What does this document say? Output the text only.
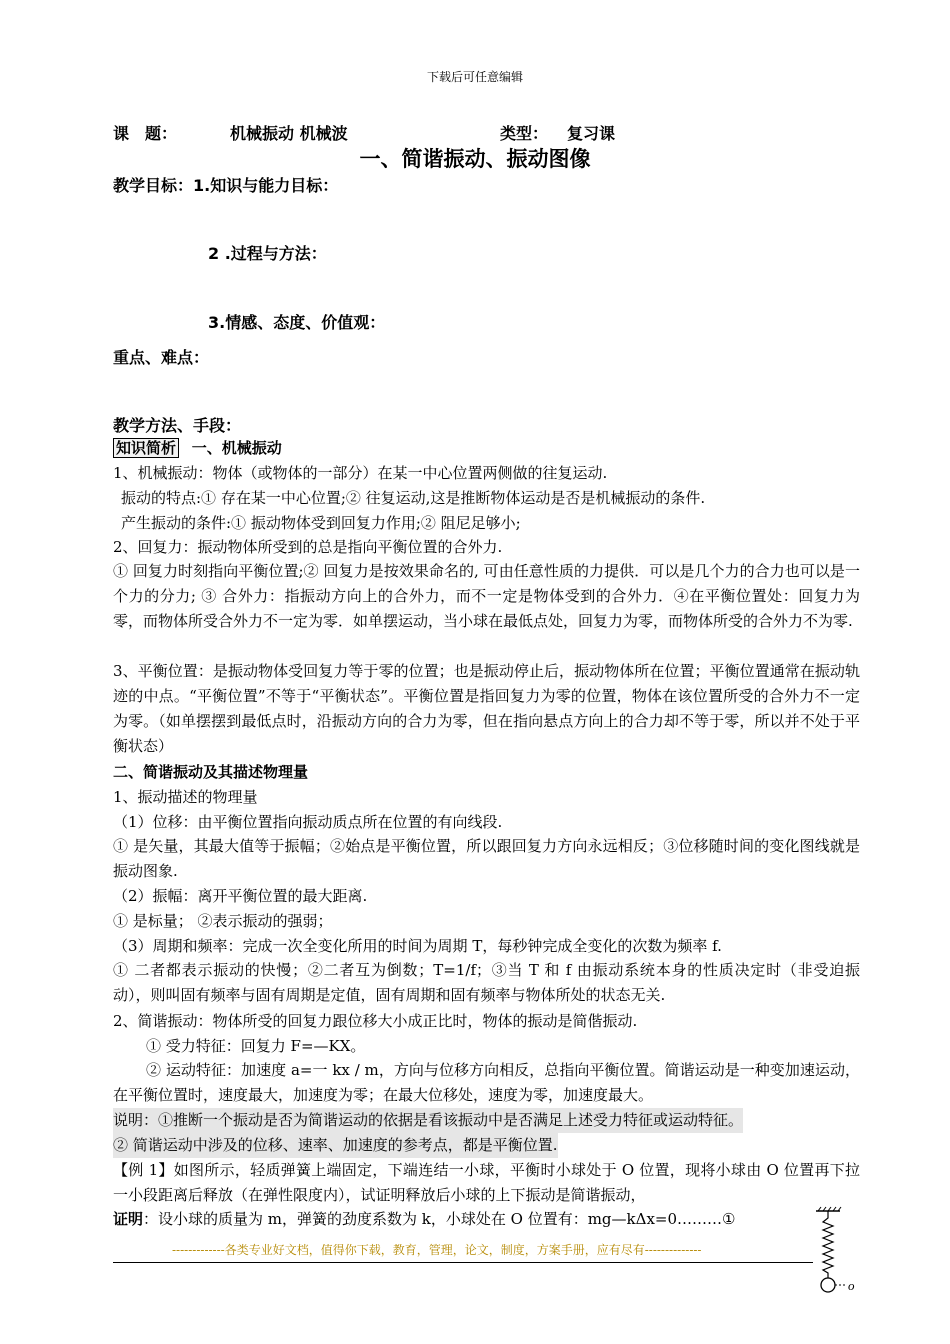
下载后可任意编辑
课　题：	机械振动 机械波	类型： 复习课
一、简谐振动、振动图像
教学目标：1.知识与能力目标：
2 .过程与方法：
3.情感、态度、价值观：
重点、难点：
教学方法、手段：
知识简析 一、机械振动
1、机械振动：物体（或物体的一部分）在某一中心位置两侧做的往复运动.
振动的特点:① 存在某一中心位置;② 往复运动,这是推断物体运动是否是机械振动的条件.
产生振动的条件:① 振动物体受到回复力作用;② 阻尼足够小;
2、回复力：振动物体所受到的总是指向平衡位置的合外力.
① 回复力时刻指向平衡位置;② 回复力是按效果命名的, 可由任意性质的力提供．可以是几个力的合力也可以是一个力的分力; ③ 合外力：指振动方向上的合外力，而不一定是物体受到的合外力．④在平衡位置处：回复力为零，而物体所受合外力不一定为零．如单摆运动，当小球在最低点处，回复力为零，而物体所受的合外力不为零.
3、平衡位置：是振动物体受回复力等于零的位置；也是振动停止后，振动物体所在位置；平衡位置通常在振动轨迹的中点。“平衡位置”不等于“平衡状态”。平衡位置是指回复力为零的位置，物体在该位置所受的合外力不一定为零。（如单摆摆到最低点时，沿振动方向的合力为零，但在指向悬点方向上的合力却不等于零，所以并不处于平衡状态）
二、简谐振动及其描述物理量
1、振动描述的物理量
（1）位移：由平衡位置指向振动质点所在位置的有向线段.
① 是矢量，其最大值等于振幅；②始点是平衡位置，所以跟回复力方向永远相反；③位移随时间的变化图线就是振动图象.
（2）振幅：离开平衡位置的最大距离.
① 是标量； ②表示振动的强弱；
（3）周期和频率：完成一次全变化所用的时间为周期 T，每秒钟完成全变化的次数为频率 f.
① 二者都表示振动的快慢；②二者互为倒数；T=1/f；③当 T 和 f 由振动系统本身的性质决定时（非受迫振动），则叫固有频率与固有周期是定值，固有周期和固有频率与物体所处的状态无关.
2、简谐振动：物体所受的回复力跟位移大小成正比时，物体的振动是简偕振动.
① 受力特征：回复力 F=—KX。
② 运动特征：加速度 a=一 kx / m，方向与位移方向相反，总指向平衡位置。简谐运动是一种变加速运动，在平衡位置时，速度最大，加速度为零；在最大位移处，速度为零，加速度最大。
说明：①推断一个振动是否为简谐运动的依据是看该振动中是否满足上述受力特征或运动特征。
② 简谐运动中涉及的位移、速率、加速度的参考点，都是平衡位置.
【例 1】如图所示，轻质弹簧上端固定，下端连结一小球，平衡时小球处于 O 位置，现将小球由 O 位置再下拉一小段距离后释放（在弹性限度内），试证明释放后小球的上下振动是简谐振动，
证明：设小球的质量为 m，弹簧的劲度系数为 k，小球处在 O 位置有：mg—kΔx=0………①
o
-------------各类专业好文档，值得你下载，教育，管理，论文，制度，方案手册，应有尽有--------------
